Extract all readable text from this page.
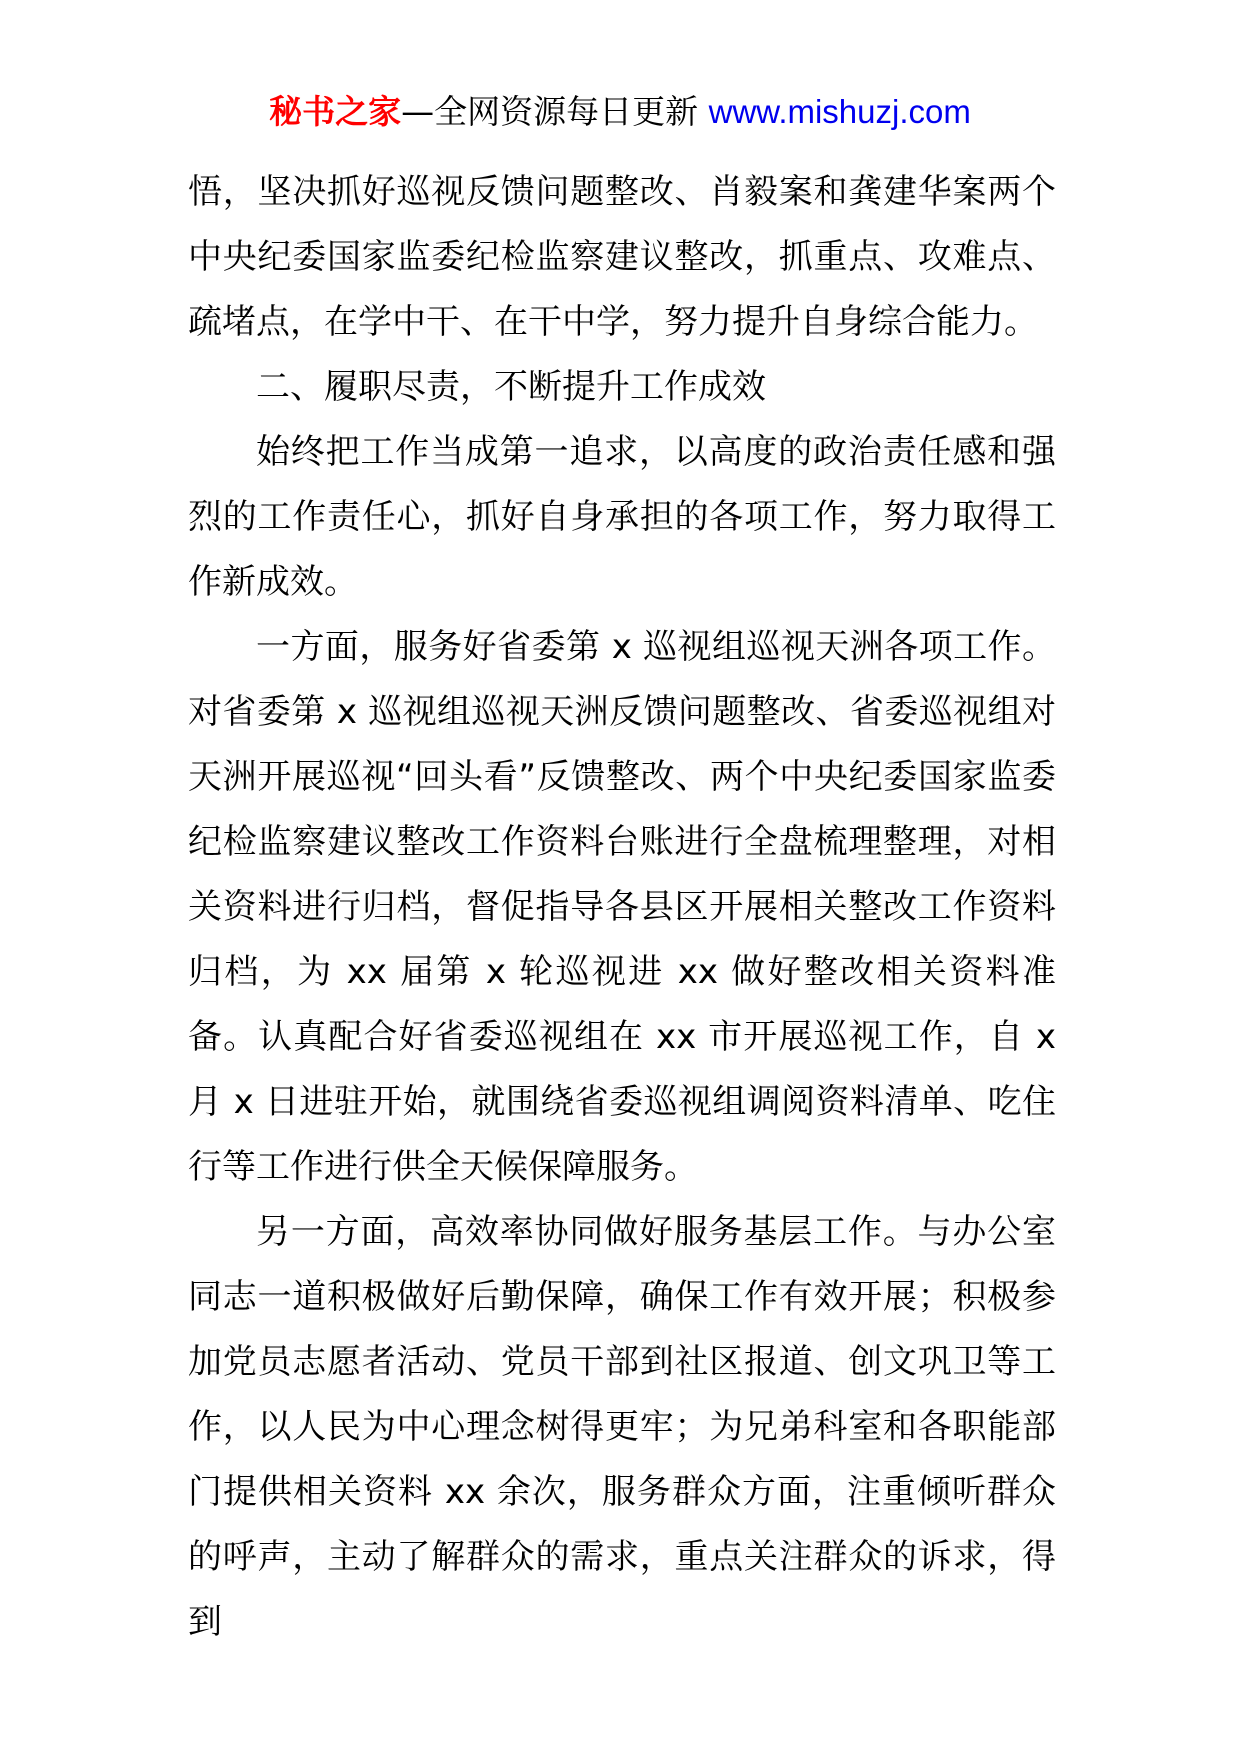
秘书之家—全网资源每日更新 www.mishuzj.com

悟，坚决抓好巡视反馈问题整改、肖毅案和龚建华案两个中央纪委国家监委纪检监察建议整改，抓重点、攻难点、疏堵点，在学中干、在干中学，努力提升自身综合能力。

二、履职尽责，不断提升工作成效

始终把工作当成第一追求，以高度的政治责任感和强烈的工作责任心，抓好自身承担的各项工作，努力取得工作新成效。

一方面，服务好省委第 x 巡视组巡视天洲各项工作。对省委第 x 巡视组巡视天洲反馈问题整改、省委巡视组对天洲开展巡视“回头看”反馈整改、两个中央纪委国家监委纪检监察建议整改工作资料台账进行全盘梳理整理，对相关资料进行归档，督促指导各县区开展相关整改工作资料归档，为 xx 届第 x 轮巡视进 xx 做好整改相关资料准备。认真配合好省委巡视组在 xx 市开展巡视工作，自 x 月 x 日进驻开始，就围绕省委巡视组调阅资料清单、吃住行等工作进行供全天候保障服务。

另一方面，高效率协同做好服务基层工作。与办公室同志一道积极做好后勤保障，确保工作有效开展；积极参加党员志愿者活动、党员干部到社区报道、创文巩卫等工作，以人民为中心理念树得更牢；为兄弟科室和各职能部门提供相关资料 xx 余次，服务群众方面，注重倾听群众的呼声，主动了解群众的需求，重点关注群众的诉求，得到
